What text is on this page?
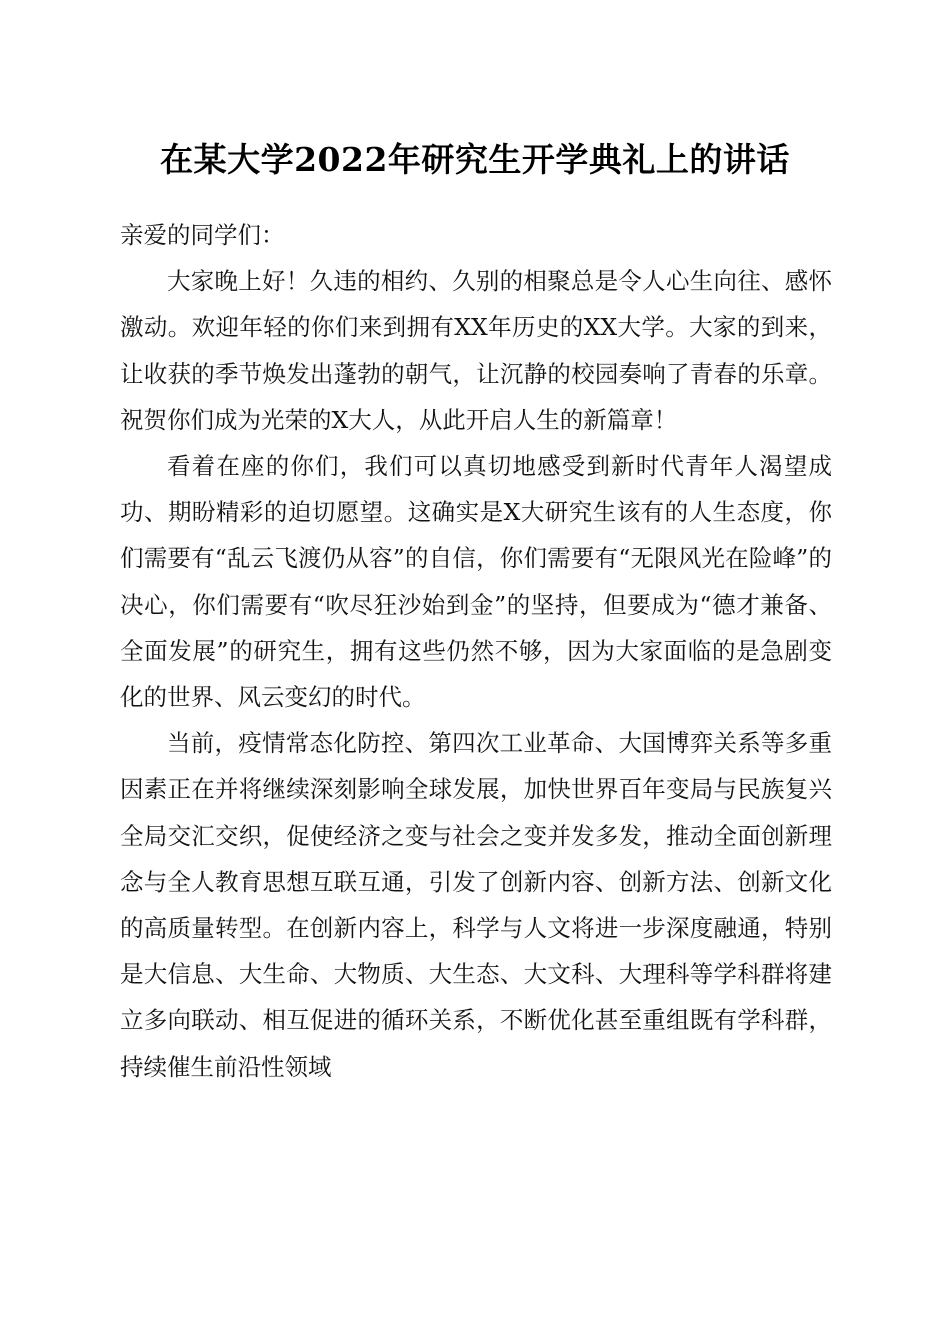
在某大学2022年研究生开学典礼上的讲话

亲爱的同学们：

大家晚上好！久违的相约、久别的相聚总是令人心生向往、感怀激动。欢迎年轻的你们来到拥有XX年历史的XX大学。大家的到来，让收获的季节焕发出蓬勃的朝气，让沉静的校园奏响了青春的乐章。祝贺你们成为光荣的X大人，从此开启人生的新篇章！

看着在座的你们，我们可以真切地感受到新时代青年人渴望成功、期盼精彩的迫切愿望。这确实是X大研究生该有的人生态度，你们需要有“乱云飞渡仍从容”的自信，你们需要有“无限风光在险峰”的决心，你们需要有“吹尽狂沙始到金”的坚持，但要成为“德才兼备、全面发展”的研究生，拥有这些仍然不够，因为大家面临的是急剧变化的世界、风云变幻的时代。

当前，疫情常态化防控、第四次工业革命、大国博弈关系等多重因素正在并将继续深刻影响全球发展，加快世界百年变局与民族复兴全局交汇交织，促使经济之变与社会之变并发多发，推动全面创新理念与全人教育思想互联互通，引发了创新内容、创新方法、创新文化的高质量转型。在创新内容上，科学与人文将进一步深度融通，特别是大信息、大生命、大物质、大生态、大文科、大理科等学科群将建立多向联动、相互促进的循环关系，不断优化甚至重组既有学科群，持续催生前沿性领域
